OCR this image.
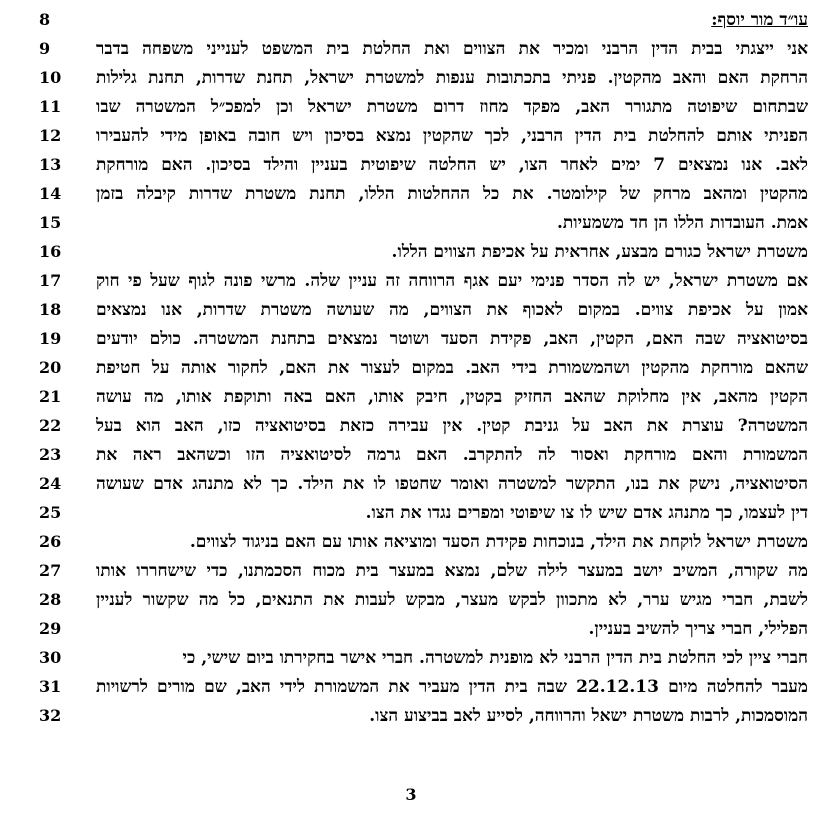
8	עו״ד מור יוסף:
9	אני ייצגתי בבית הדין הרבני ומכיר את הצווים ואת החלטת בית המשפט לענייני משפחה בדבר
10	הרחקת האם והאב מהקטין. פניתי בתכתובות ענפות למשטרת ישראל, תחנת שדרות, תחנת גלילות
11	שבתחום שיפוטה מתגורר האב, מפקד מחוז דרום משטרת ישראל וכן למפכ״ל המשטרה שבו
12	הפניתי אותם להחלטת בית הדין הרבני, לכך שהקטין נמצא בסיכון ויש חובה באופן מידי להעבירו
13	לאב. אנו נמצאים 7 ימים לאחר הצו, יש החלטה שיפוטית בעניין והילד בסיכון. האם מורחקת
14	מהקטין ומהאב מרחק של קילומטר. את כל ההחלטות הללו, תחנת משטרת שדרות קיבלה בזמן
15	אמת. העובדות הללו הן חד משמעיות.
16	משטרת ישראל כגורם מבצע, אחראית על אכיפת הצווים הללו.
17	אם משטרת ישראל, יש לה הסדר פנימי יעם אגף הרווחה זה עניין שלה. מרשי פונה לגוף שעל פי חוק
18	אמון על אכיפת צווים. במקום לאכוף את הצווים, מה שעושה משטרת שדרות, אנו נמצאים
19	בסיטואציה שבה האם, הקטין, האב, פקידת הסעד ושוטר נמצאים בתחנת המשטרה. כולם יודעים
20	שהאם מורחקת מהקטין ושהמשמורת בידי האב. במקום לעצור את האם, לחקור אותה על חטיפת
21	הקטין מהאב, אין מחלוקת שהאב החזיק בקטין, חיבק אותו, האם באה ותוקפת אותו, מה עושה
22	המשטרה? עוצרת את האב על גניבת קטין. אין עבירה כזאת בסיטואציה כזו, האב הוא בעל
23	המשמורת והאם מורחקת ואסור לה להתקרב. האם גרמה לסיטואציה הזו וכשהאב ראה את
24	הסיטואציה, נישק את בנו, התקשר למשטרה ואומר שחטפו לו את הילד. כך לא מתנהג אדם שעושה
25	דין לעצמו, כך מתנהג אדם שיש לו צו שיפוטי ומפרים נגדו את הצו.
26	משטרת ישראל לוקחת את הילד, בנוכחות פקידת הסעד ומוציאה אותו עם האם בניגוד לצווים.
27	מה שקורה, המשיב יושב במעצר לילה שלם, נמצא במעצר בית מכוח הסכמתנו, כדי שישחררו אותו
28	לשבת, חברי מגיש ערר, לא מתכוון לבקש מעצר, מבקש לעבות את התנאים, כל מה שקשור לעניין
29	הפלילי, חברי צריך להשיב בעניין.
30	חברי ציין לכי החלטת בית הדין הרבני לא מופנית למשטרה. חברי אישר בחקירתו ביום שישי, כי
31	מעבר להחלטה מיום 22.12.13 שבה בית הדין מעביר את המשמורת לידי האב, שם מורים לרשויות
32	המוסמכות, לרבות משטרת ישאל והרווחה, לסייע לאב בביצוע הצו.
3
